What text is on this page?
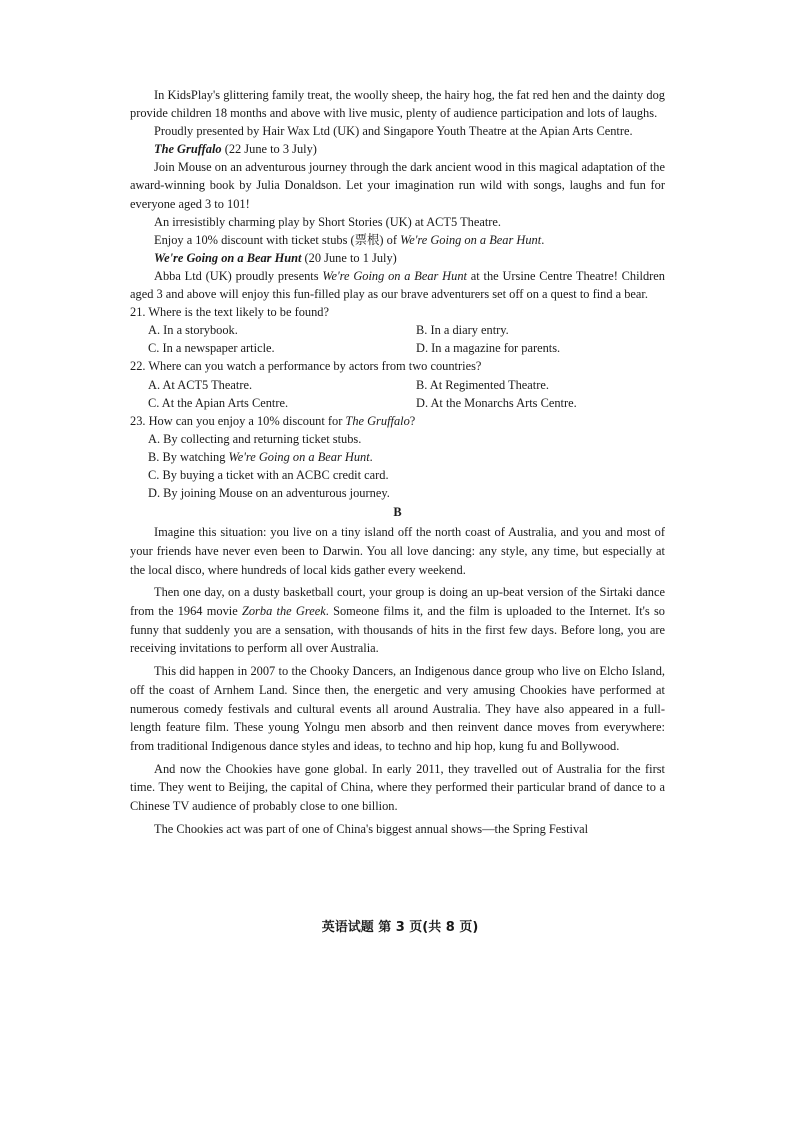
In KidsPlay's glittering family treat, the woolly sheep, the hairy hog, the fat red hen and the dainty dog provide children 18 months and above with live music, plenty of audience participation and lots of laughs.

Proudly presented by Hair Wax Ltd (UK) and Singapore Youth Theatre at the Apian Arts Centre.

The Gruffalo (22 June to 3 July)

Join Mouse on an adventurous journey through the dark ancient wood in this magical adaptation of the award-winning book by Julia Donaldson. Let your imagination run wild with songs, laughs and fun for everyone aged 3 to 101!

An irresistibly charming play by Short Stories (UK) at ACT5 Theatre.

Enjoy a 10% discount with ticket stubs (票根) of We're Going on a Bear Hunt.

We're Going on a Bear Hunt (20 June to 1 July)

Abba Ltd (UK) proudly presents We're Going on a Bear Hunt at the Ursine Centre Theatre! Children aged 3 and above will enjoy this fun-filled play as our brave adventurers set off on a quest to find a bear.

21. Where is the text likely to be found?

A. In a storybook.	B. In a diary entry.
C. In a newspaper article.	D. In a magazine for parents.

22. Where can you watch a performance by actors from two countries?

A. At ACT5 Theatre.	B. At Regimented Theatre.
C. At the Apian Arts Centre.	D. At the Monarchs Arts Centre.

23. How can you enjoy a 10% discount for The Gruffalo?

A. By collecting and returning ticket stubs.

B. By watching We're Going on a Bear Hunt.

C. By buying a ticket with an ACBC credit card.

D. By joining Mouse on an adventurous journey.

B

Imagine this situation: you live on a tiny island off the north coast of Australia, and you and most of your friends have never even been to Darwin. You all love dancing: any style, any time, but especially at the local disco, where hundreds of local kids gather every weekend.

Then one day, on a dusty basketball court, your group is doing an up-beat version of the Sirtaki dance from the 1964 movie Zorba the Greek. Someone films it, and the film is uploaded to the Internet. It's so funny that suddenly you are a sensation, with thousands of hits in the first few days. Before long, you are receiving invitations to perform all over Australia.

This did happen in 2007 to the Chooky Dancers, an Indigenous dance group who live on Elcho Island, off the coast of Arnhem Land. Since then, the energetic and very amusing Chookies have performed at numerous comedy festivals and cultural events all around Australia. They have also appeared in a full-length feature film. These young Yolngu men absorb and then reinvent dance moves from everywhere: from traditional Indigenous dance styles and ideas, to techno and hip hop, kung fu and Bollywood.

And now the Chookies have gone global. In early 2011, they travelled out of Australia for the first time. They went to Beijing, the capital of China, where they performed their particular brand of dance to a Chinese TV audience of probably close to one billion.

The Chookies act was part of one of China's biggest annual shows—the Spring Festival

英语试题 第 3 页(共 8 页)
